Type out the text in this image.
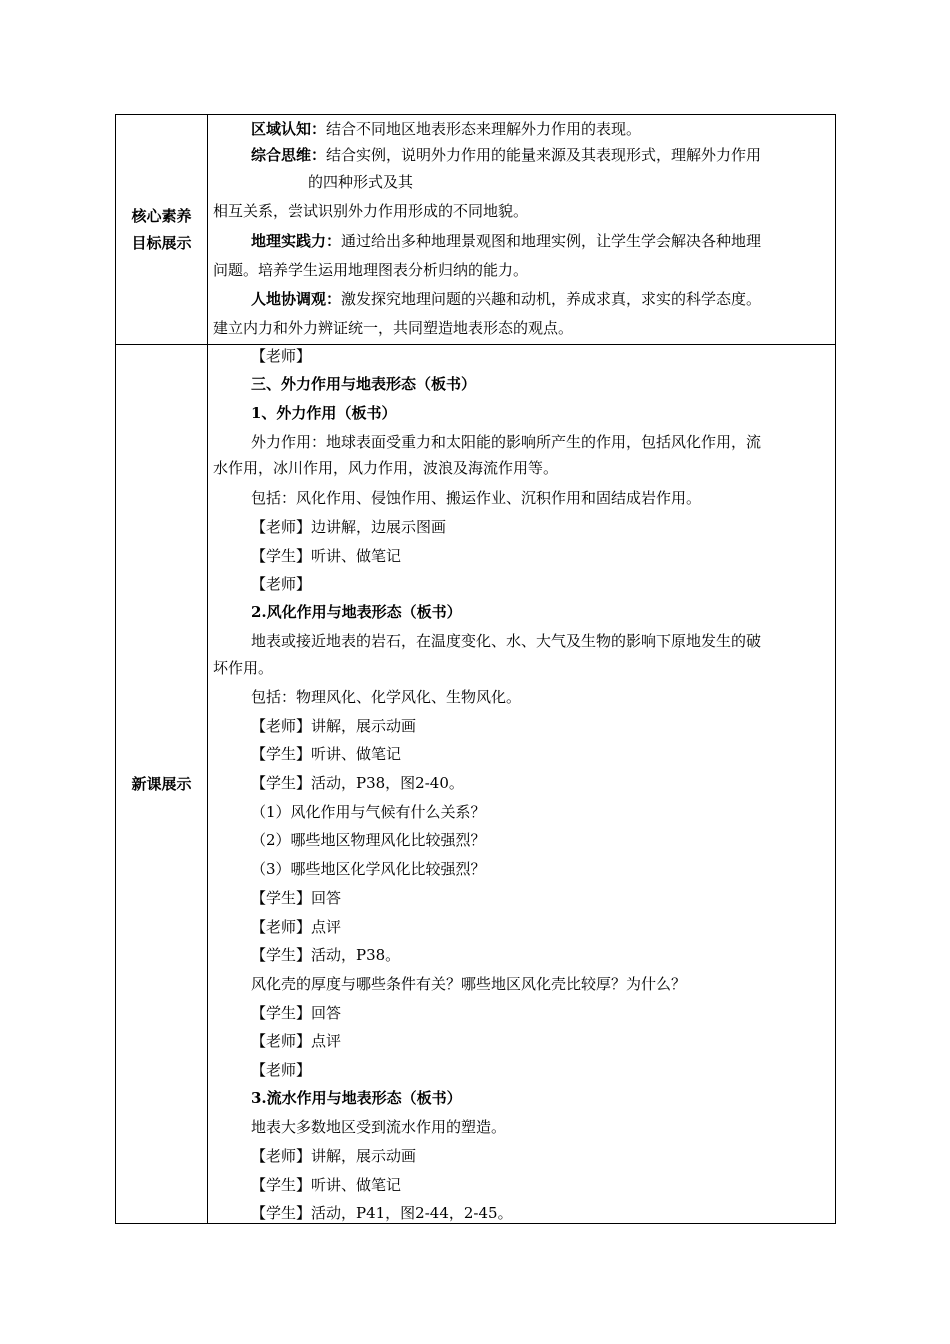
核心素养
目标展示
区域认知：结合不同地区地表形态来理解外力作用的表现。
综合思维：结合实例，说明外力作用的能量来源及其表现形式，理解外力作用
的四种形式及其
相互关系，尝试识别外力作用形成的不同地貌。
地理实践力：通过给出多种地理景观图和地理实例，让学生学会解决各种地理
问题。培养学生运用地理图表分析归纳的能力。
人地协调观：激发探究地理问题的兴趣和动机，养成求真，求实的科学态度。
建立内力和外力辨证统一，共同塑造地表形态的观点。
新课展示
【老师】
三、外力作用与地表形态（板书）
1、外力作用（板书）
外力作用：地球表面受重力和太阳能的影响所产生的作用，包括风化作用，流
水作用，冰川作用，风力作用，波浪及海流作用等。
包括：风化作用、侵蚀作用、搬运作业、沉积作用和固结成岩作用。
【老师】边讲解，边展示图画
【学生】听讲、做笔记
【老师】
2.风化作用与地表形态（板书）
地表或接近地表的岩石，在温度变化、水、大气及生物的影响下原地发生的破
坏作用。
包括：物理风化、化学风化、生物风化。
【老师】讲解，展示动画
【学生】听讲、做笔记
【学生】活动，P38，图2-40。
（1）风化作用与气候有什么关系？
（2）哪些地区物理风化比较强烈？
（3）哪些地区化学风化比较强烈？
【学生】回答
【老师】点评
【学生】活动，P38。
风化壳的厚度与哪些条件有关？哪些地区风化壳比较厚？为什么？
【学生】回答
【老师】点评
【老师】
3.流水作用与地表形态（板书）
地表大多数地区受到流水作用的塑造。
【老师】讲解，展示动画
【学生】听讲、做笔记
【学生】活动，P41，图2-44，2-45。
